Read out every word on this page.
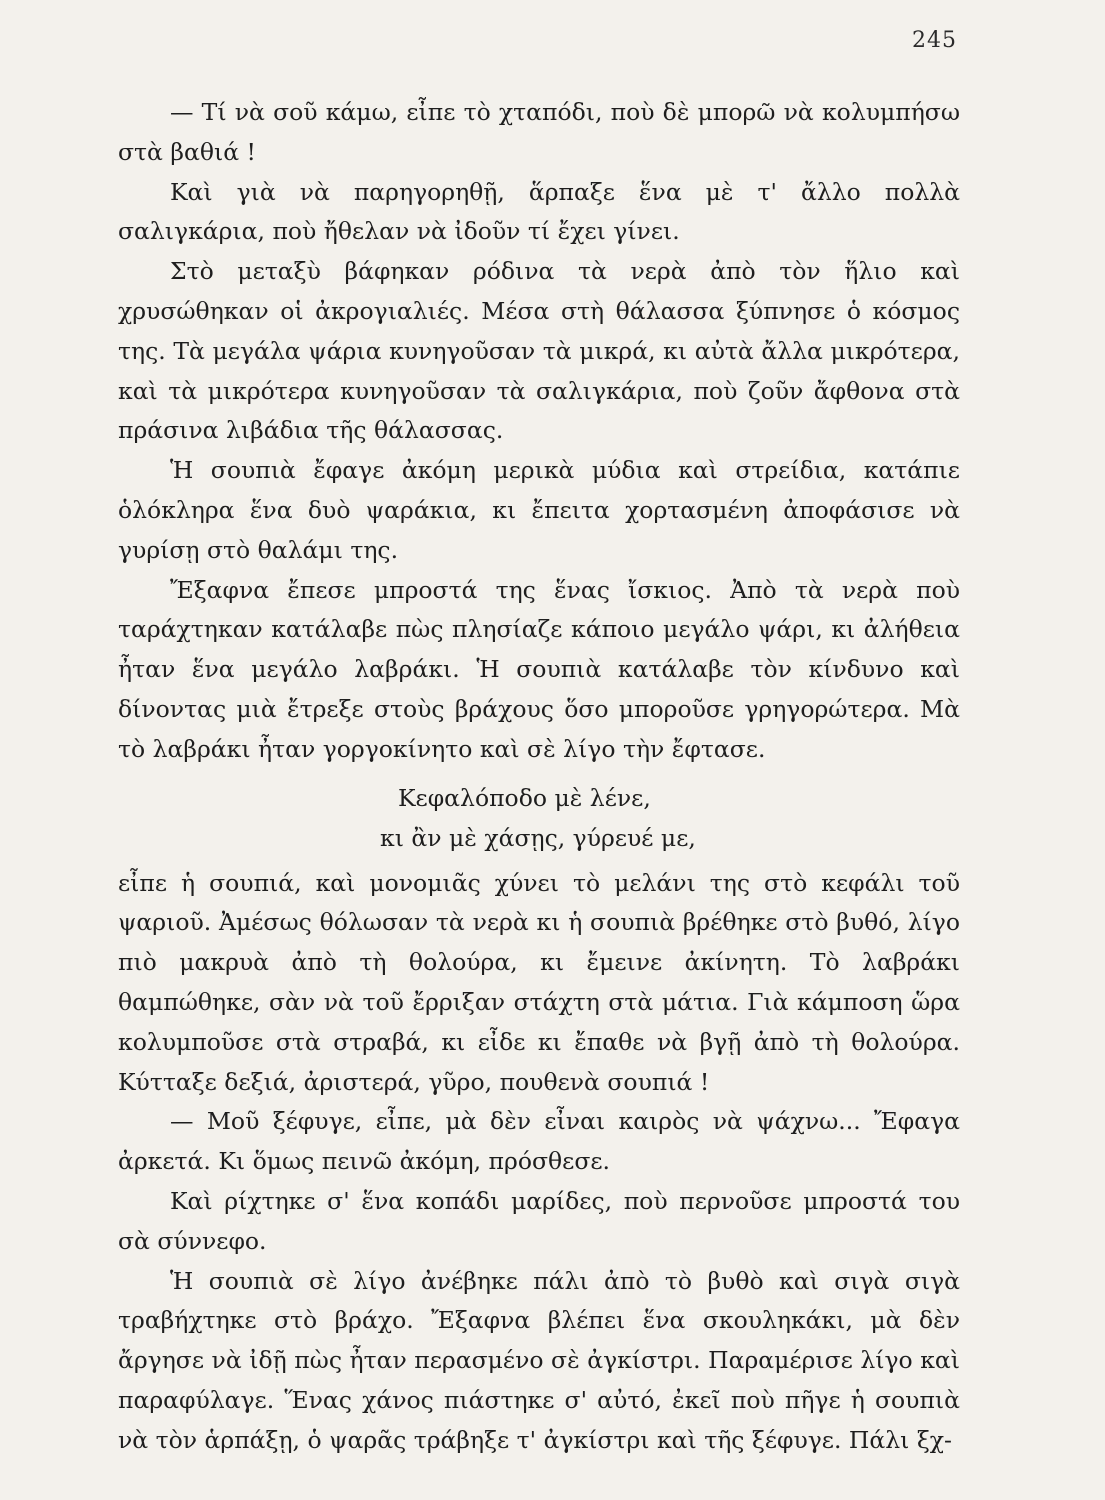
245

— Τί νὰ σοῦ κάμω, εἶπε τὸ χταπόδι, ποὺ δὲ μπορῶ νὰ κολυμπήσω στὰ βαθιά !

Καὶ γιὰ νὰ παρηγορηθῇ, ἅρπαξε ἕνα μὲ τ' ἄλλο πολλὰ σαλιγκάρια, ποὺ ἤθελαν νὰ ἰδοῦν τί ἔχει γίνει.

Στὸ μεταξὺ βάφηκαν ρόδινα τὰ νερὰ ἀπὸ τὸν ἥλιο καὶ χρυσώθηκαν οἱ ἀκρογιαλιές. Μέσα στὴ θάλασσα ξύπνησε ὁ κόσμος της. Τὰ μεγάλα ψάρια κυνηγοῦσαν τὰ μικρά, κι αὐτὰ ἄλλα μικρότερα, καὶ τὰ μικρότερα κυνηγοῦσαν τὰ σαλιγκάρια, ποὺ ζοῦν ἄφθονα στὰ πράσινα λιβάδια τῆς θάλασσας.

Ἡ σουπιὰ ἔφαγε ἀκόμη μερικὰ μύδια καὶ στρείδια, κατάπιε ὁλόκληρα ἕνα δυὸ ψαράκια, κι ἔπειτα χορτασμένη ἀποφάσισε νὰ γυρίσῃ στὸ θαλάμι της.

Ἔξαφνα ἔπεσε μπροστά της ἕνας ἴσκιος. Ἀπὸ τὰ νερὰ ποὺ ταράχτηκαν κατάλαβε πὼς πλησίαζε κάποιο μεγάλο ψάρι, κι ἀλήθεια ἦταν ἕνα μεγάλο λαβράκι. Ἡ σουπιὰ κατάλαβε τὸν κίνδυνο καὶ δίνοντας μιὰ ἔτρεξε στοὺς βράχους ὅσο μποροῦσε γρηγορώτερα. Μὰ τὸ λαβράκι ἦταν γοργοκίνητο καὶ σὲ λίγο τὴν ἔφτασε.

Κεφαλόποδο μὲ λένε,
κι ἂν μὲ χάσῃς, γύρευέ με,

εἶπε ἡ σουπιά, καὶ μονομιᾶς χύνει τὸ μελάνι της στὸ κεφάλι τοῦ ψαριοῦ. Ἀμέσως θόλωσαν τὰ νερὰ κι ἡ σουπιὰ βρέθηκε στὸ βυθό, λίγο πιὸ μακρυὰ ἀπὸ τὴ θολούρα, κι ἔμεινε ἀκίνητη. Τὸ λαβράκι θαμπώθηκε, σὰν νὰ τοῦ ἔρριξαν στάχτη στὰ μάτια. Γιὰ κάμποση ὥρα κολυμποῦσε στὰ στραβά, κι εἶδε κι ἔπαθε νὰ βγῇ ἀπὸ τὴ θολούρα. Κύτταξε δεξιά, ἀριστερά, γῦρο, πουθενὰ σουπιά !

— Μοῦ ξέφυγε, εἶπε, μὰ δὲν εἶναι καιρὸς νὰ ψάχνω... Ἔφαγα ἀρκετά. Κι ὅμως πεινῶ ἀκόμη, πρόσθεσε.

Καὶ ρίχτηκε σ' ἕνα κοπάδι μαρίδες, ποὺ περνοῦσε μπροστά του σὰ σύννεφο.

Ἡ σουπιὰ σὲ λίγο ἀνέβηκε πάλι ἀπὸ τὸ βυθὸ καὶ σιγὰ σιγὰ τραβήχτηκε στὸ βράχο. Ἔξαφνα βλέπει ἕνα σκουληκάκι, μὰ δὲν ἄργησε νὰ ἰδῇ πὼς ἦταν περασμένο σὲ ἀγκίστρι. Παραμέρισε λίγο καὶ παραφύλαγε. Ἕνας χάνος πιάστηκε σ' αὐτό, ἐκεῖ ποὺ πῆγε ἡ σουπιὰ νὰ τὸν ἁρπάξῃ, ὁ ψαρᾶς τράβηξε τ' ἀγκίστρι καὶ τῆς ξέφυγε. Πάλι ξχ-
